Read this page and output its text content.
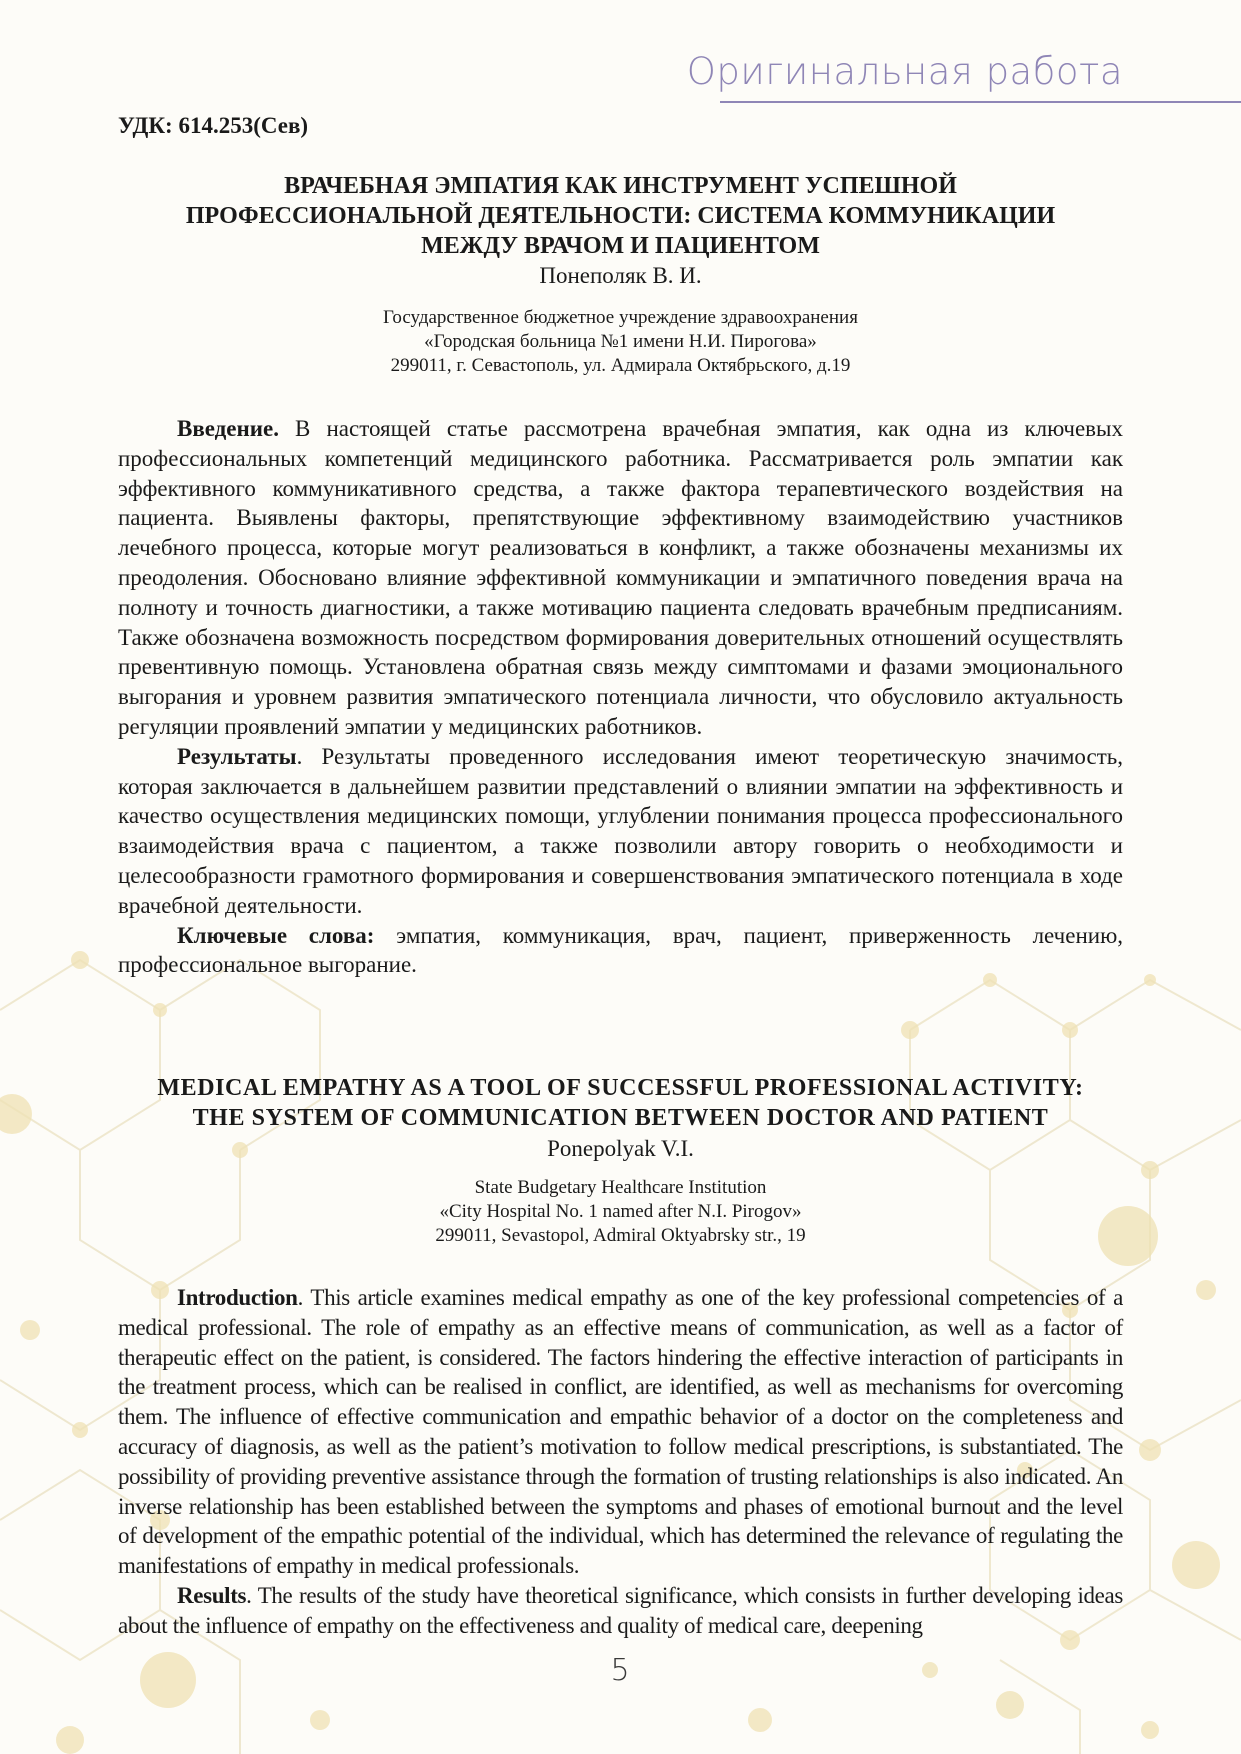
Оригинальная работа
УДК: 614.253(Сев)
ВРАЧЕБНАЯ ЭМПАТИЯ КАК ИНСТРУМЕНТ УСПЕШНОЙ
ПРОФЕССИОНАЛЬНОЙ ДЕЯТЕЛЬНОСТИ: СИСТЕМА КОММУНИКАЦИИ
МЕЖДУ ВРАЧОМ И ПАЦИЕНТОМ
Понеполяк В. И.
Государственное бюджетное учреждение здравоохранения
«Городская больница №1 имени Н.И. Пирогова»
299011, г. Севастополь, ул. Адмирала Октябрьского, д.19

Введение. В настоящей статье рассмотрена врачебная эмпатия, как одна из ключевых профессиональных компетенций медицинского работника. Рассматривается роль эмпатии как эффективного коммуникативного средства, а также фактора терапевтического воздействия на пациента. Выявлены факторы, препятствующие эффективному взаимодействию участников лечебного процесса, которые могут реализоваться в конфликт, а также обозначены механизмы их преодоления. Обосновано влияние эффективной коммуникации и эмпатичного поведения врача на полноту и точность диагностики, а также мотивацию пациента следовать врачебным предписаниям. Также обозначена возможность посредством формирования доверительных отношений осуществлять превентивную помощь. Установлена обратная связь между симптомами и фазами эмоционального выгорания и уровнем развития эмпатического потенциала личности, что обусловило актуальность регуляции проявлений эмпатии у медицинских работников.

Результаты. Результаты проведенного исследования имеют теоретическую значимость, которая заключается в дальнейшем развитии представлений о влиянии эмпатии на эффективность и качество осуществления медицинских помощи, углублении понимания процесса профессионального взаимодействия врача с пациентом, а также позволили автору говорить о необходимости и целесообразности грамотного формирования и совершенствования эмпатического потенциала в ходе врачебной деятельности.

Ключевые слова: эмпатия, коммуникация, врач, пациент, приверженность лечению, профессиональное выгорание.

MEDICAL EMPATHY AS A TOOL OF SUCCESSFUL PROFESSIONAL ACTIVITY:
THE SYSTEM OF COMMUNICATION BETWEEN DOCTOR AND PATIENT
Ponepolyak V.I.
State Budgetary Healthcare Institution
«City Hospital No. 1 named after N.I. Pirogov»
299011, Sevastopol, Admiral Oktyabrsky str., 19

Introduction. This article examines medical empathy as one of the key professional competencies of a medical professional. The role of empathy as an effective means of communication, as well as a factor of therapeutic effect on the patient, is considered. The factors hindering the effective interaction of participants in the treatment process, which can be realised in conflict, are identified, as well as mechanisms for overcoming them. The influence of effective communication and empathic behavior of a doctor on the completeness and accuracy of diagnosis, as well as the patient’s motivation to follow medical prescriptions, is substantiated. The possibility of providing preventive assistance through the formation of trusting relationships is also indicated. An inverse relationship has been established between the symptoms and phases of emotional burnout and the level of development of the empathic potential of the individual, which has determined the relevance of regulating the manifestations of empathy in medical professionals.

Results. The results of the study have theoretical significance, which consists in further developing ideas about the influence of empathy on the effectiveness and quality of medical care, deepening

5
